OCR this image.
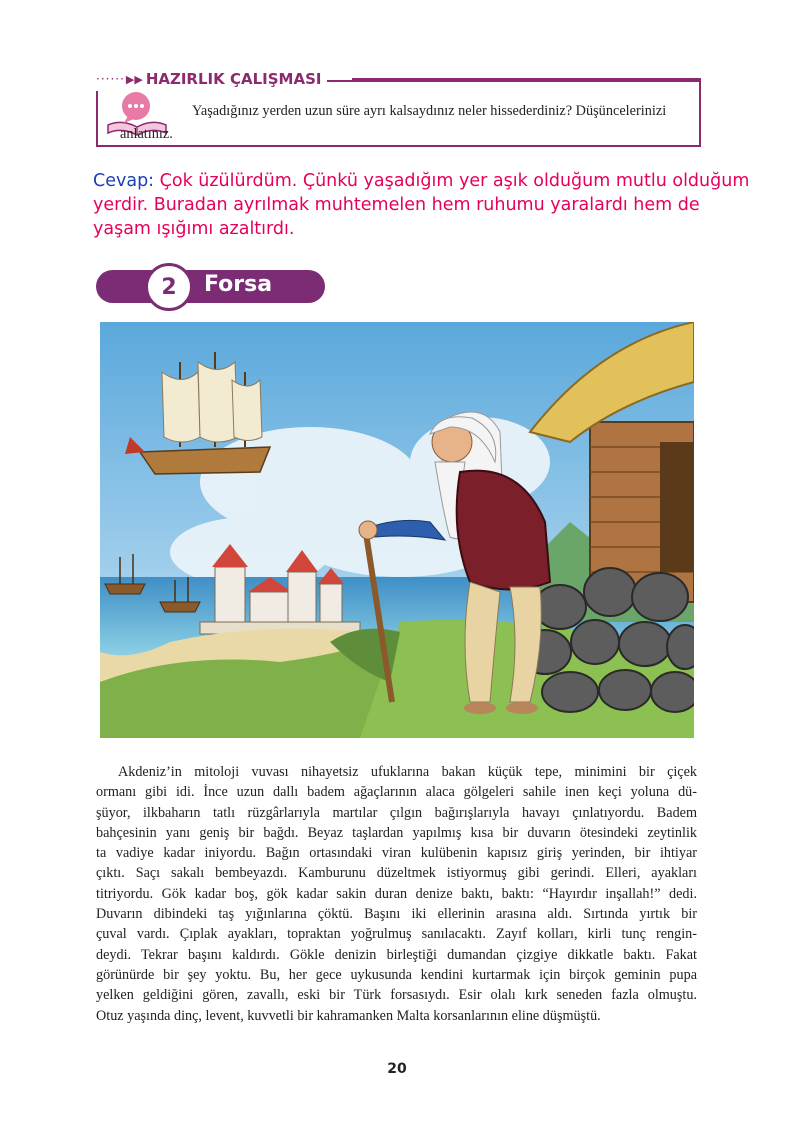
······ ▶▶ HAZIRLIK ÇALIŞMASI
Yaşadığınız yerden uzun süre ayrı kalsaydınız neler hissederdiniz? Düşüncelerinizi anlatınız.
Cevap: Çok üzülürdüm. Çünkü yaşadığım yer aşık olduğum mutlu olduğum yerdir. Buradan ayrılmak muhtemelen hem ruhumu yaralardı hem de yaşam ışığımı azaltırdı.
2	Forsa
Akdeniz’in mitoloji vuvası nihayetsiz ufuklarına bakan küçük tepe, minimini bir çiçek
ormanı gibi idi. İnce uzun dallı badem ağaçlarının alaca gölgeleri sahile inen keçi yoluna dü-
şüyor, ilkbaharın tatlı rüzgârlarıyla martılar çılgın bağırışlarıyla havayı çınlatıyordu. Badem
bahçesinin yanı geniş bir bağdı. Beyaz taşlardan yapılmış kısa bir duvarın ötesindeki zeytinlik
ta vadiye kadar iniyordu. Bağın ortasındaki viran kulübenin kapısız giriş yerinden, bir ihtiyar
çıktı. Saçı sakalı bembeyazdı. Kamburunu düzeltmek istiyormuş gibi gerindi. Elleri, ayakları
titriyordu. Gök kadar boş, gök kadar sakin duran denize baktı, baktı: “Hayırdır inşallah!” dedi.
Duvarın dibindeki taş yığınlarına çöktü. Başını iki ellerinin arasına aldı. Sırtında yırtık bir
çuval vardı. Çıplak ayakları, topraktan yoğrulmuş sanılacaktı. Zayıf kolları, kirli tunç rengin-
deydi. Tekrar başını kaldırdı. Gökle denizin birleştiği dumandan çizgiye dikkatle baktı. Fakat
görünürde bir şey yoktu. Bu, her gece uykusunda kendini kurtarmak için birçok geminin pupa
yelken geldiğini gören, zavallı, eski bir Türk forsasıydı. Esir olalı kırk seneden fazla olmuştu.
Otuz yaşında dinç, levent, kuvvetli bir kahramanken Malta korsanlarının eline düşmüştü.
20
